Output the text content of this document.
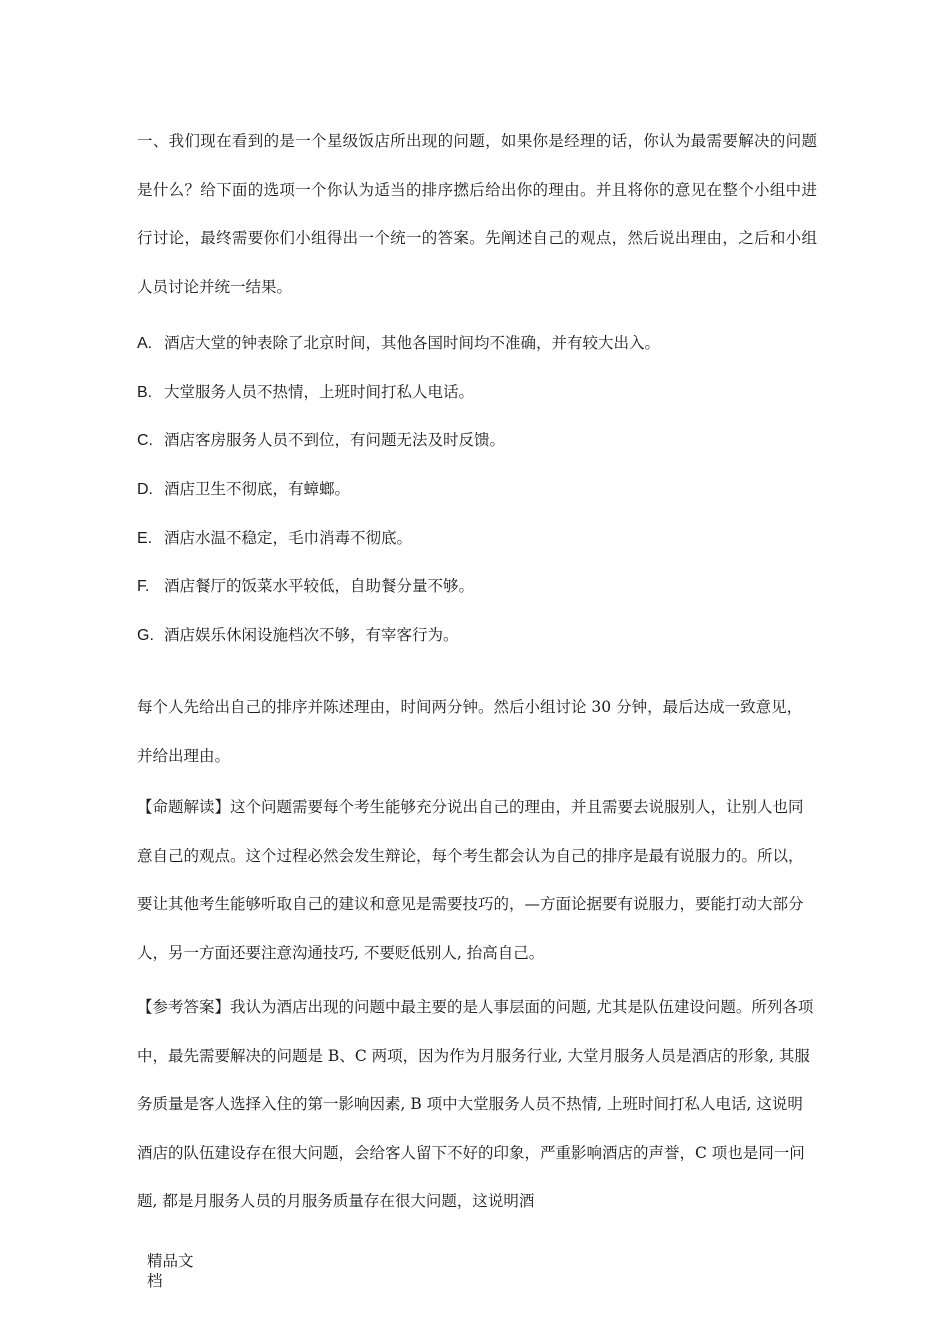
一、我们现在看到的是一个星级饭店所出现的问题，如果你是经理的话，你认为最需要解决的问题是什么？给下面的选项一个你认为适当的排序撚后给出你的理由。并且将你的意见在整个小组中进行讨论，最终需要你们小组得出一个统一的答案。先阐述自己的观点，然后说出理由，之后和小组人员讨论并统一结果。

A. 酒店大堂的钟表除了北京时间，其他各国时间均不准确，并有较大出入。
B. 大堂服务人员不热情，上班时间打私人电话。
C. 酒店客房服务人员不到位，有问题无法及时反馈。
D. 酒店卫生不彻底，有蟑螂。
E. 酒店水温不稳定，毛巾消毒不彻底。
F. 酒店餐厅的饭菜水平较低，自助餐分量不够。
G. 酒店娱乐休闲设施档次不够，有宰客行为。

每个人先给出自己的排序并陈述理由，时间两分钟。然后小组讨论 30 分钟，最后达成一致意见，并给出理由。

【命题解读】这个问题需要每个考生能够充分说出自己的理由，并且需要去说服别人，让别人也同意自己的观点。这个过程必然会发生辩论，每个考生都会认为自己的排序是最有说服力的。所以，要让其他考生能够听取自己的建议和意见是需要技巧的，—方面论据要有说服力，要能打动大部分人，另一方面还要注意沟通技巧, 不要贬低别人, 抬高自己。

【参考答案】我认为酒店出现的问题中最主要的是人事层面的问题, 尤其是队伍建设问题。所列各项中，最先需要解决的问题是 B、C 两项，因为作为月服务行业, 大堂月服务人员是酒店的形象, 其服务质量是客人选择入住的第一影响因素, B 项中大堂服务人员不热情, 上班时间打私人电话, 这说明酒店的队伍建设存在很大问题，会给客人留下不好的印象，严重影响酒店的声誉，C 项也是同一问题, 都是月服务人员的月服务质量存在很大问题，这说明酒

精品文档
